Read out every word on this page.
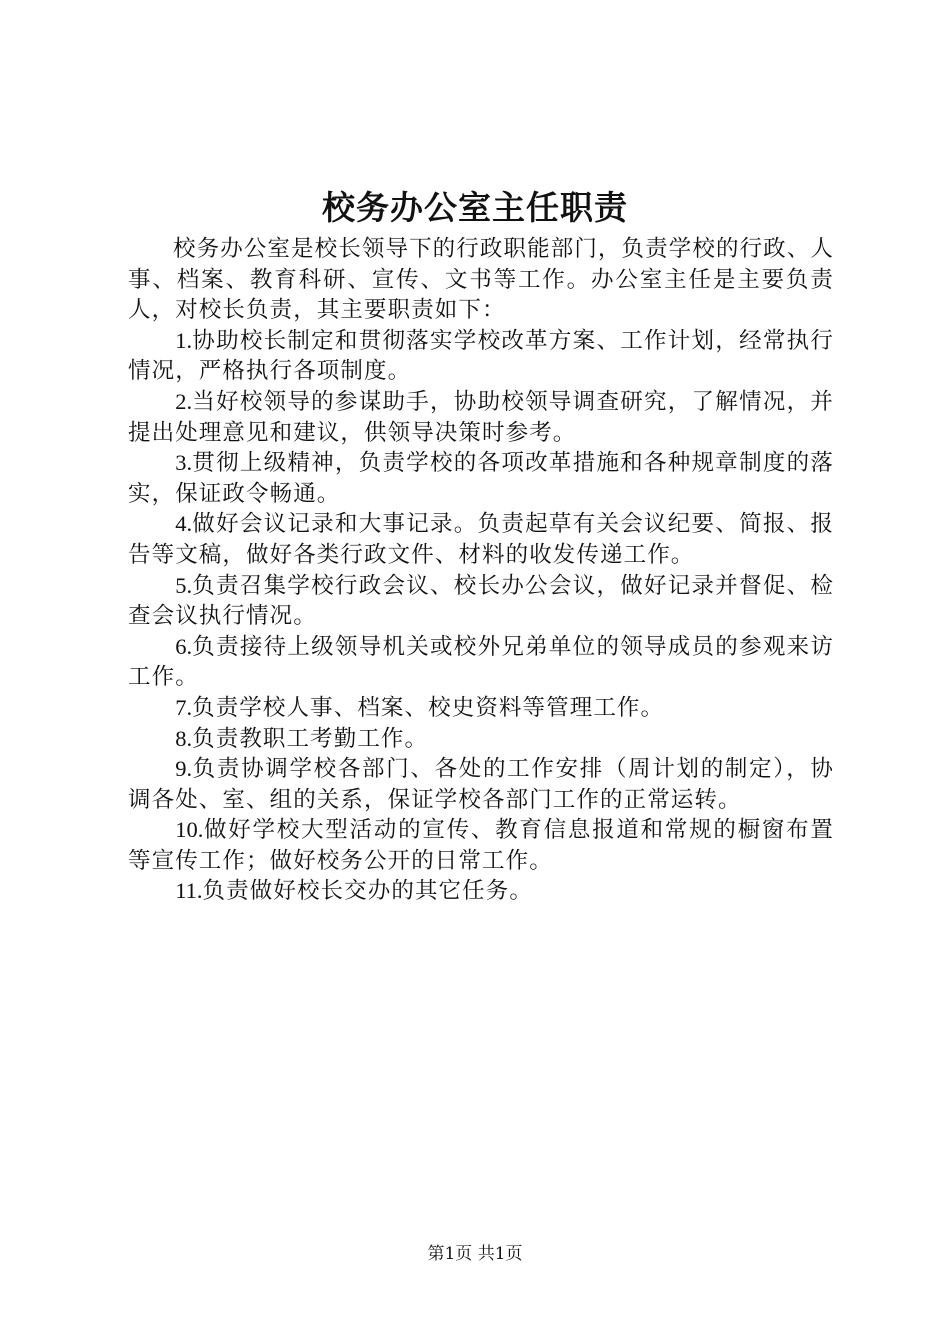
校务办公室主任职责

校务办公室是校长领导下的行政职能部门，负责学校的行政、人事、档案、教育科研、宣传、文书等工作。办公室主任是主要负责人，对校长负责，其主要职责如下：

1.协助校长制定和贯彻落实学校改革方案、工作计划，经常执行情况，严格执行各项制度。

2.当好校领导的参谋助手，协助校领导调查研究，了解情况，并提出处理意见和建议，供领导决策时参考。

3.贯彻上级精神，负责学校的各项改革措施和各种规章制度的落实，保证政令畅通。

4.做好会议记录和大事记录。负责起草有关会议纪要、简报、报告等文稿，做好各类行政文件、材料的收发传递工作。

5.负责召集学校行政会议、校长办公会议，做好记录并督促、检查会议执行情况。

6.负责接待上级领导机关或校外兄弟单位的领导成员的参观来访工作。

7.负责学校人事、档案、校史资料等管理工作。

8.负责教职工考勤工作。

9.负责协调学校各部门、各处的工作安排（周计划的制定），协调各处、室、组的关系，保证学校各部门工作的正常运转。

10.做好学校大型活动的宣传、教育信息报道和常规的橱窗布置等宣传工作；做好校务公开的日常工作。

11.负责做好校长交办的其它任务。

第1页 共1页
